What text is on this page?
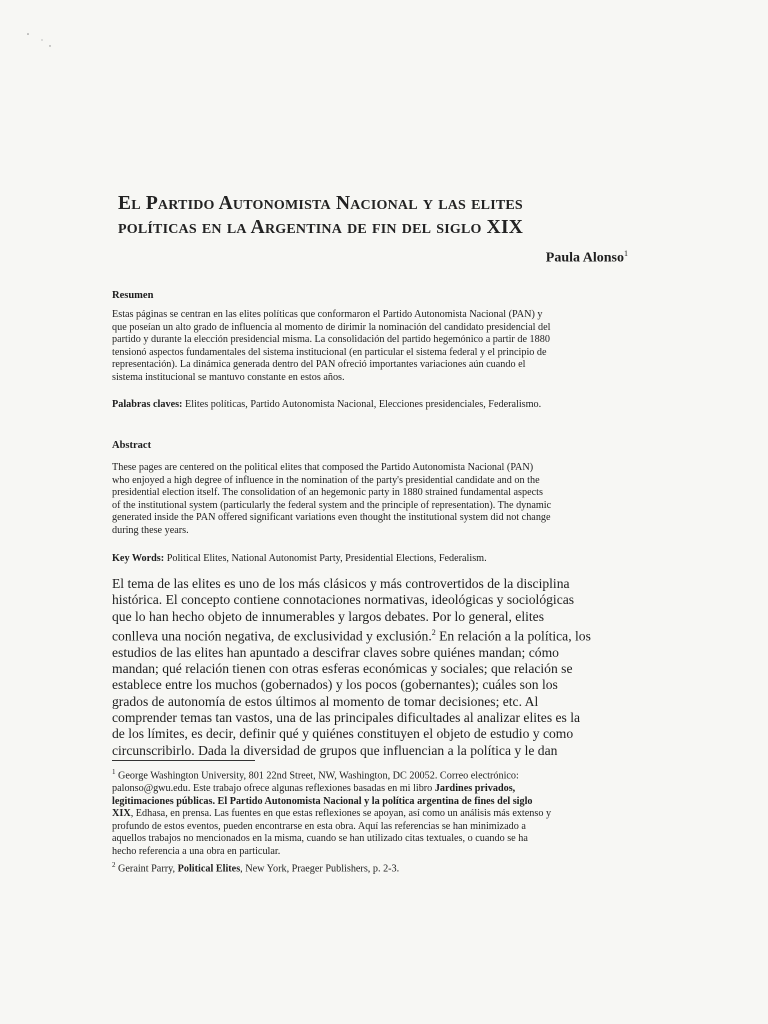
El Partido Autonomista Nacional y las elites
políticas en la Argentina de fin del siglo XIX
Paula Alonso$^1$
Resumen
Estas páginas se centran en las elites políticas que conformaron el Partido Autonomista Nacional (PAN) y
que poseían un alto grado de influencia al momento de dirimir la nominación del candidato presidencial del
partido y durante la elección presidencial misma. La consolidación del partido hegemónico a partir de 1880
tensionó aspectos fundamentales del sistema institucional (en particular el sistema federal y el principio de
representación). La dinámica generada dentro del PAN ofreció importantes variaciones aún cuando el
sistema institucional se mantuvo constante en estos años.
Palabras claves: Elites políticas, Partido Autonomista Nacional, Elecciones presidenciales, Federalismo.
Abstract
These pages are centered on the political elites that composed the Partido Autonomista Nacional (PAN)
who enjoyed a high degree of influence in the nomination of the party's presidential candidate and on the
presidential election itself. The consolidation of an hegemonic party in 1880 strained fundamental aspects
of the institutional system (particularly the federal system and the principle of representation). The dynamic
generated inside the PAN offered significant variations even thought the institutional system did not change
during these years.
Key Words: Political Elites, National Autonomist Party, Presidential Elections, Federalism.
El tema de las elites es uno de los más clásicos y más controvertidos de la disciplina
histórica. El concepto contiene connotaciones normativas, ideológicas y sociológicas
que lo han hecho objeto de innumerables y largos debates. Por lo general, elites
conlleva una noción negativa, de exclusividad y exclusión.$^2$ En relación a la política, los
estudios de las elites han apuntado a descifrar claves sobre quiénes mandan; cómo
mandan; qué relación tienen con otras esferas económicas y sociales; que relación se
establece entre los muchos (gobernados) y los pocos (gobernantes); cuáles son los
grados de autonomía de estos últimos al momento de tomar decisiones; etc. Al
comprender temas tan vastos, una de las principales dificultades al analizar elites es la
de los límites, es decir, definir qué y quiénes constituyen el objeto de estudio y como
circunscribirlo. Dada la diversidad de grupos que influencian a la política y le dan
$^1$ George Washington University, 801 22nd Street, NW, Washington, DC 20052. Correo electrónico:
palonso@gwu.edu. Este trabajo ofrece algunas reflexiones basadas en mi libro Jardines privados,
legitimaciones públicas. El Partido Autonomista Nacional y la política argentina de fines del siglo
XIX, Edhasa, en prensa. Las fuentes en que estas reflexiones se apoyan, así como un análisis más extenso y
profundo de estos eventos, pueden encontrarse en esta obra. Aquí las referencias se han minimizado a
aquellos trabajos no mencionados en la misma, cuando se han utilizado citas textuales, o cuando se ha
hecho referencia a una obra en particular.
$^2$ Geraint Parry, Political Elites, New York, Praeger Publishers, p. 2-3.
